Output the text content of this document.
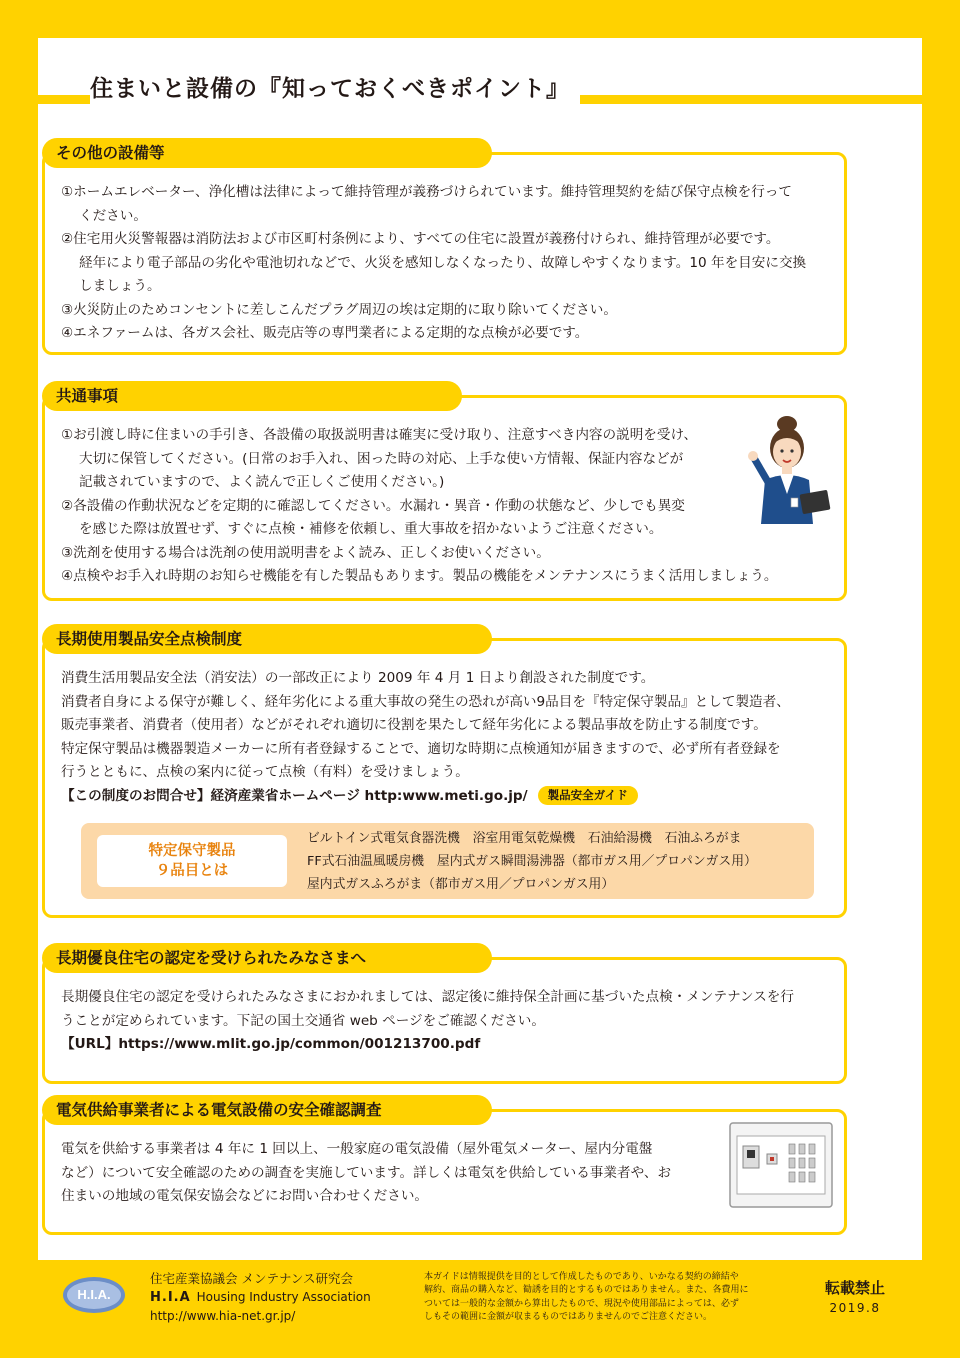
住まいと設備の『知っておくべきポイント』
①ホームエレベーター、浄化槽は法律によって維持管理が義務づけられています。維持管理契約を結び保守点検を行って
ください。
②住宅用火災警報器は消防法および市区町村条例により、すべての住宅に設置が義務付けられ、維持管理が必要です。
経年により電子部品の劣化や電池切れなどで、火災を感知しなくなったり、故障しやすくなります。10 年を目安に交換
しましょう。
③火災防止のためコンセントに差しこんだプラグ周辺の埃は定期的に取り除いてください。
④エネファームは、各ガス会社、販売店等の専門業者による定期的な点検が必要です。
その他の設備等
①お引渡し時に住まいの手引き、各設備の取扱説明書は確実に受け取り、注意すべき内容の説明を受け、
大切に保管してください。(日常のお手入れ、困った時の対応、上手な使い方情報、保証内容などが
記載されていますので、よく読んで正しくご使用ください。)
②各設備の作動状況などを定期的に確認してください。水漏れ・異音・作動の状態など、少しでも異変
を感じた際は放置せず、すぐに点検・補修を依頼し、重大事故を招かないようご注意ください。
③洗剤を使用する場合は洗剤の使用説明書をよく読み、正しくお使いください。
④点検やお手入れ時期のお知らせ機能を有した製品もあります。製品の機能をメンテナンスにうまく活用しましょう。
共通事項
消費生活用製品安全法（消安法）の一部改正により 2009 年 4 月 1 日より創設された制度です。
消費者自身による保守が難しく、経年劣化による重大事故の発生の恐れが高い9品目を『特定保守製品』として製造者、
販売事業者、消費者（使用者）などがそれぞれ適切に役割を果たして経年劣化による製品事故を防止する制度です。
特定保守製品は機器製造メーカーに所有者登録することで、適切な時期に点検通知が届きますので、必ず所有者登録を
行うとともに、点検の案内に従って点検（有料）を受けましょう。
【この制度のお問合せ】経済産業省ホームページ http:www.meti.go.jp/ 製品安全ガイド
特定保守製品
９品目とは
ビルトイン式電気食器洗機　浴室用電気乾燥機　石油給湯機　石油ふろがま
FF式石油温風暖房機　屋内式ガス瞬間湯沸器（都市ガス用／プロパンガス用）
屋内式ガスふろがま（都市ガス用／プロパンガス用）
長期使用製品安全点検制度
長期優良住宅の認定を受けられたみなさまにおかれましては、認定後に維持保全計画に基づいた点検・メンテナンスを行
うことが定められています。下記の国土交通省 web ページをご確認ください。
【URL】https://www.mlit.go.jp/common/001213700.pdf
長期優良住宅の認定を受けられたみなさまへ
電気を供給する事業者は 4 年に 1 回以上、一般家庭の電気設備（屋外電気メーター、屋内分電盤
など）について安全確認のための調査を実施しています。詳しくは電気を供給している事業者や、お
住まいの地域の電気保安協会などにお問い合わせください。
電気供給事業者による電気設備の安全確認調査
H.I.A.
住宅産業協議会 メンテナンス研究会
H.I.A Housing Industry Association
http://www.hia-net.gr.jp/
本ガイドは情報提供を目的として作成したものであり、いかなる契約の締結や
解約、商品の購入など、勧誘を目的とするものではありません。また、各費用に
ついては一般的な金額から算出したもので、現況や使用部品によっては、必ず
しもその範囲に金額が収まるものではありませんのでご注意ください。
転載禁止
2019.8
